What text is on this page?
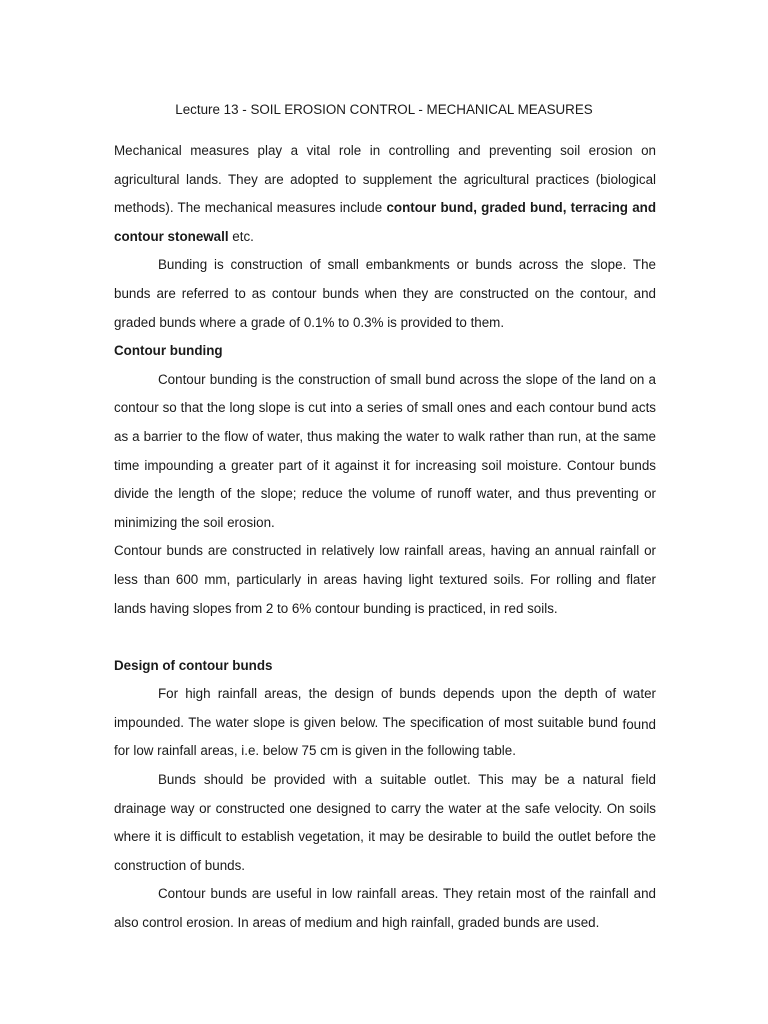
Lecture 13 - SOIL EROSION CONTROL - MECHANICAL MEASURES

Mechanical measures play a vital role in controlling and preventing soil erosion on agricultural lands. They are adopted to supplement the agricultural practices (biological methods). The mechanical measures include contour bund, graded bund, terracing and contour stonewall etc.

Bunding is construction of small embankments or bunds across the slope. The bunds are referred to as contour bunds when they are constructed on the contour, and graded bunds where a grade of 0.1% to 0.3% is provided to them.

Contour bunding

Contour bunding is the construction of small bund across the slope of the land on a contour so that the long slope is cut into a series of small ones and each contour bund acts as a barrier to the flow of water, thus making the water to walk rather than run, at the same time impounding a greater part of it against it for increasing soil moisture. Contour bunds divide the length of the slope; reduce the volume of runoff water, and thus preventing or minimizing the soil erosion.

Contour bunds are constructed in relatively low rainfall areas, having an annual rainfall or less than 600 mm, particularly in areas having light textured soils. For rolling and flater lands having slopes from 2 to 6% contour bunding is practiced, in red soils.

Design of contour bunds

For high rainfall areas, the design of bunds depends upon the depth of water impounded. The water slope is given below. The specification of most suitable bund found for low rainfall areas, i.e. below 75 cm is given in the following table.

Bunds should be provided with a suitable outlet. This may be a natural field drainage way or constructed one designed to carry the water at the safe velocity. On soils where it is difficult to establish vegetation, it may be desirable to build the outlet before the construction of bunds.

Contour bunds are useful in low rainfall areas. They retain most of the rainfall and also control erosion. In areas of medium and high rainfall, graded bunds are used.
